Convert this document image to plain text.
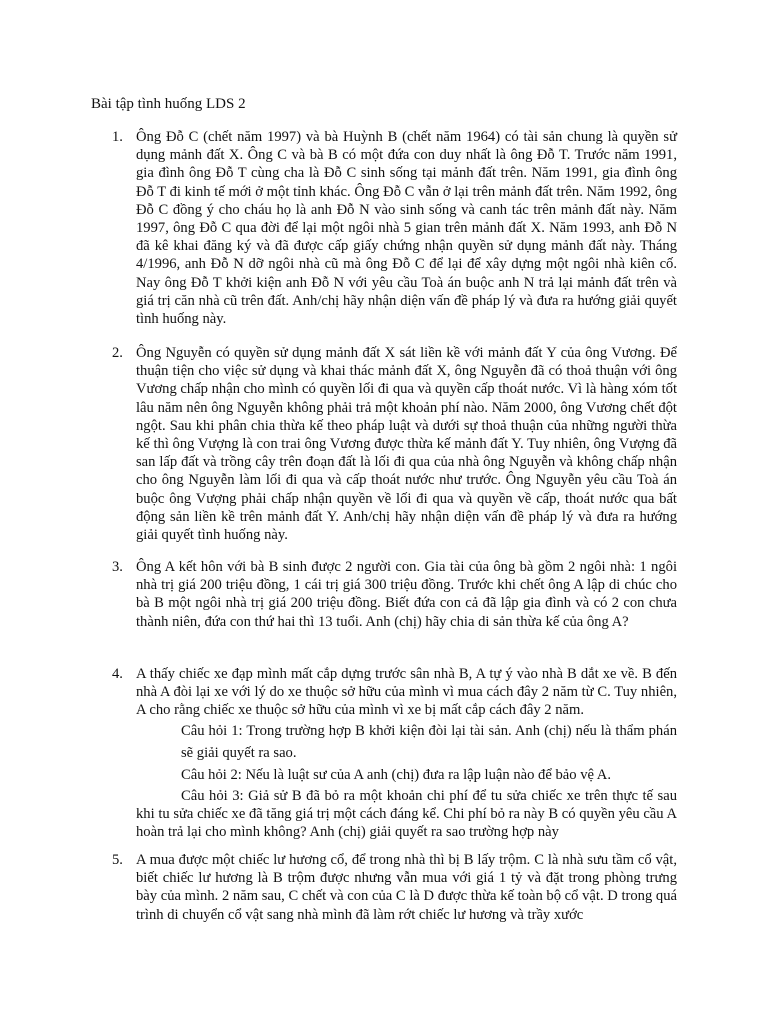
Bài tập tình huống LDS 2
1. Ông Đỗ C (chết năm 1997) và bà Huỳnh B (chết năm 1964) có tài sản chung là quyền sử dụng mảnh đất X. Ông C và bà B có một đứa con duy nhất là ông Đỗ T. Trước năm 1991, gia đình ông Đỗ T cùng cha là Đỗ C sinh sống tại mảnh đất trên. Năm 1991, gia đình ông Đỗ T đi kinh tế mới ở một tỉnh khác. Ông Đỗ C vẫn ở lại trên mảnh đất trên. Năm 1992, ông Đỗ C đồng ý cho cháu họ là anh Đỗ N vào sinh sống và canh tác trên mảnh đất này. Năm 1997, ông Đỗ C qua đời để lại một ngôi nhà 5 gian trên mảnh đất X. Năm 1993, anh Đỗ N đã kê khai đăng ký và đã được cấp giấy chứng nhận quyền sử dụng mảnh đất này. Tháng 4/1996, anh Đỗ N dỡ ngôi nhà cũ mà ông Đỗ C để lại để xây dựng một ngôi nhà kiên cố. Nay ông Đỗ T khởi kiện anh Đỗ N với yêu cầu Toà án buộc anh N trả lại mảnh đất trên và giá trị căn nhà cũ trên đất. Anh/chị hãy nhận diện vấn đề pháp lý và đưa ra hướng giải quyết tình huống này.
2. Ông Nguyễn có quyền sử dụng mảnh đất X sát liền kề với mảnh đất Y của ông Vương. Để thuận tiện cho việc sử dụng và khai thác mảnh đất X, ông Nguyễn đã có thoả thuận với ông Vương chấp nhận cho mình có quyền lối đi qua và quyền cấp thoát nước. Vì là hàng xóm tốt lâu năm nên ông Nguyễn không phải trả một khoản phí nào. Năm 2000, ông Vương chết đột ngột. Sau khi phân chia thừa kế theo pháp luật và dưới sự thoả thuận của những người thừa kế thì ông Vượng là con trai ông Vương được thừa kế mảnh đất Y. Tuy nhiên, ông Vượng đã san lấp đất và trồng cây trên đoạn đất là lối đi qua của nhà ông Nguyễn và không chấp nhận cho ông Nguyễn làm lối đi qua và cấp thoát nước như trước. Ông Nguyễn yêu cầu Toà án buộc ông Vượng phải chấp nhận quyền về lối đi qua và quyền về cấp, thoát nước qua bất động sản liền kề trên mảnh đất Y. Anh/chị hãy nhận diện vấn đề pháp lý và đưa ra hướng giải quyết tình huống này.
3. Ông A kết hôn với bà B sinh được 2 người con. Gia tài của ông bà gồm 2 ngôi nhà: 1 ngôi nhà trị giá 200 triệu đồng, 1 cái trị giá 300 triệu đồng. Trước khi chết ông A lập di chúc cho bà B một ngôi nhà trị giá 200 triệu đồng. Biết đứa con cả đã lập gia đình và có 2 con chưa thành niên, đứa con thứ hai thì 13 tuổi. Anh (chị) hãy chia di sản thừa kế của ông A?
4. A thấy chiếc xe đạp mình mất cắp dựng trước sân nhà B, A tự ý vào nhà B dắt xe về. B đến nhà A đòi lại xe với lý do xe thuộc sở hữu của mình vì mua cách đây 2 năm từ C. Tuy nhiên, A cho rằng chiếc xe thuộc sở hữu của mình vì xe bị mất cắp cách đây 2 năm.
Câu hỏi 1: Trong trường hợp B khởi kiện đòi lại tài sản. Anh (chị) nếu là thẩm phán sẽ giải quyết ra sao.
Câu hỏi 2: Nếu là luật sư của A anh (chị) đưa ra lập luận nào để bảo vệ A.
Câu hỏi 3: Giả sử B đã bỏ ra một khoản chi phí để tu sửa chiếc xe trên thực tế sau khi tu sửa chiếc xe đã tăng giá trị một cách đáng kể. Chi phí bỏ ra này B có quyền yêu cầu A hoàn trả lại cho mình không? Anh (chị) giải quyết ra sao trường hợp này
5. A mua được một chiếc lư hương cổ, để trong nhà thì bị B lấy trộm. C là nhà sưu tầm cổ vật, biết chiếc lư hương là B trộm được nhưng vẫn mua với giá 1 tỷ và đặt trong phòng trưng bày của mình. 2 năm sau, C chết và con của C là D được thừa kế toàn bộ cổ vật. D trong quá trình di chuyển cổ vật sang nhà mình đã làm rớt chiếc lư hương và trầy xước
